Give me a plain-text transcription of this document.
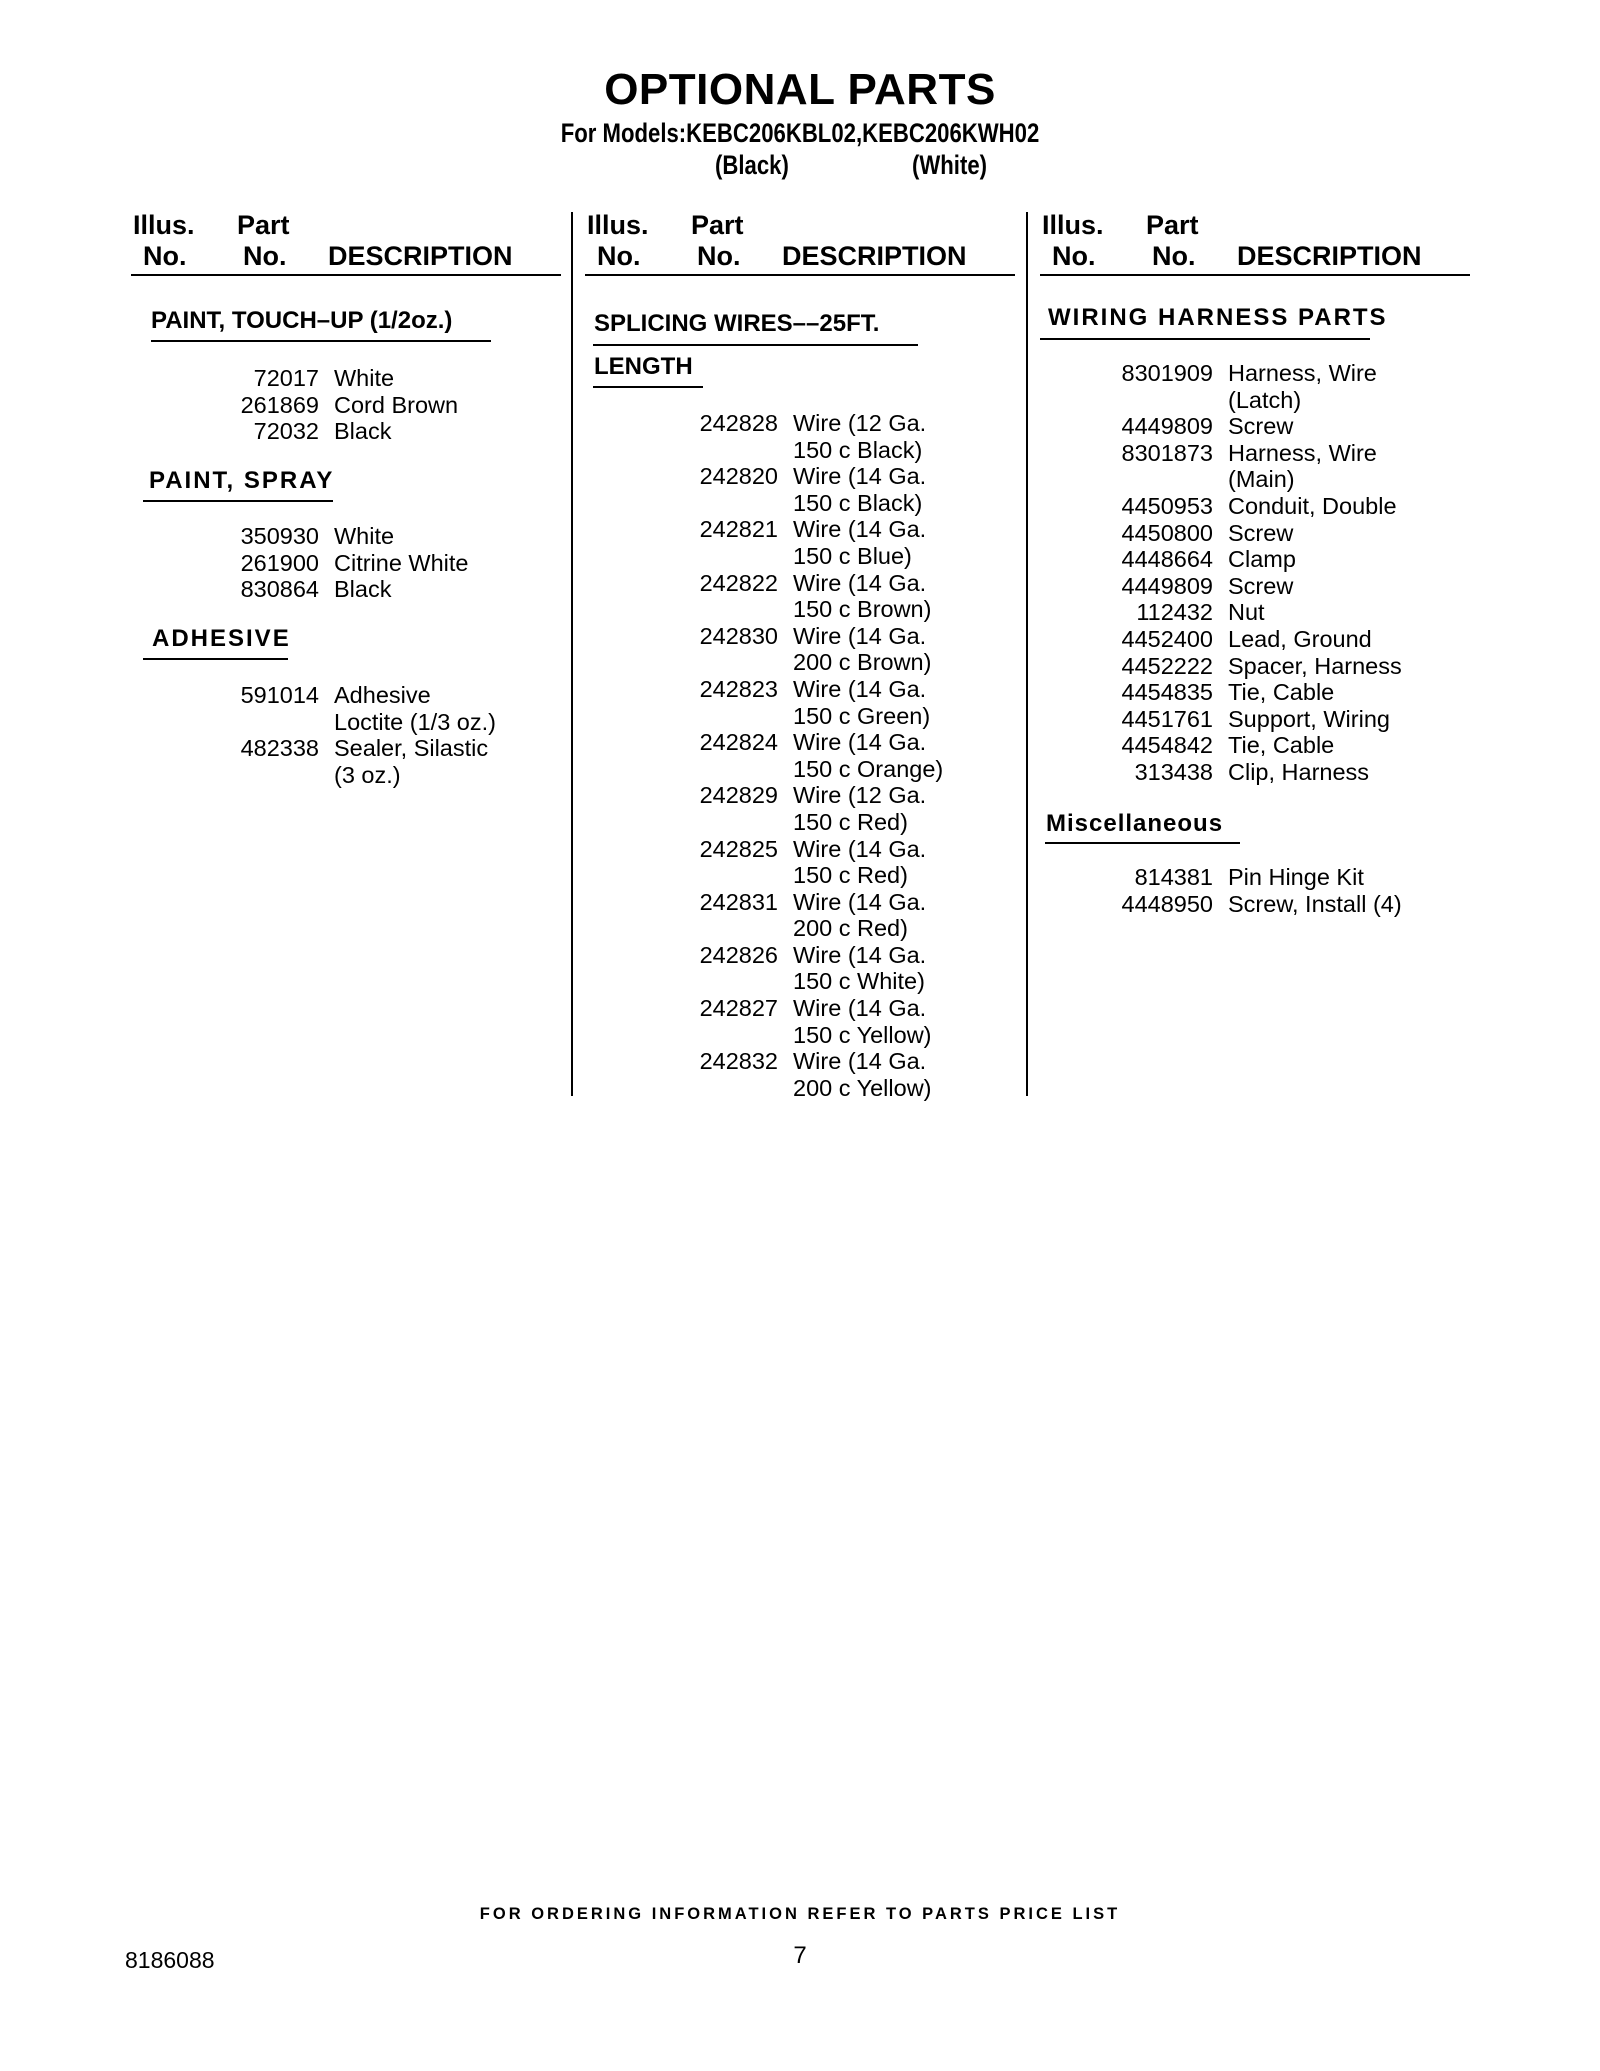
OPTIONAL PARTS
For Models:KEBC206KBL02,KEBC206KWH02
(Black)	(White)
Illus.
No.
Part
No. DESCRIPTION
PAINT, TOUCH–UP (1/2oz.)
72017 White
261869 Cord Brown
72032 Black
PAINT, SPRAY
350930 White
261900 Citrine White
830864 Black
ADHESIVE
591014 Adhesive
Loctite (1/3 oz.)
482338 Sealer, Silastic
(3 oz.)
Illus.
No.
Part
No. DESCRIPTION
SPLICING WIRES––25FT.
LENGTH
242828 Wire (12 Ga.
150 c Black)
242820 Wire (14 Ga.
150 c Black)
242821 Wire (14 Ga.
150 c Blue)
242822 Wire (14 Ga.
150 c Brown)
242830 Wire (14 Ga.
200 c Brown)
242823 Wire (14 Ga.
150 c Green)
242824 Wire (14 Ga.
150 c Orange)
242829 Wire (12 Ga.
150 c Red)
242825 Wire (14 Ga.
150 c Red)
242831 Wire (14 Ga.
200 c Red)
242826 Wire (14 Ga.
150 c White)
242827 Wire (14 Ga.
150 c Yellow)
242832 Wire (14 Ga.
200 c Yellow)
Illus.
No.
Part
No. DESCRIPTION
WIRING HARNESS PARTS
8301909 Harness, Wire
(Latch)
4449809 Screw
8301873 Harness, Wire
(Main)
4450953 Conduit, Double
4450800 Screw
4448664 Clamp
4449809 Screw
112432 Nut
4452400 Lead, Ground
4452222 Spacer, Harness
4454835 Tie, Cable
4451761 Support, Wiring
4454842 Tie, Cable
313438 Clip, Harness
Miscellaneous
814381 Pin Hinge Kit
4448950 Screw, Install (4)
FOR ORDERING INFORMATION REFER TO PARTS PRICE LIST
8186088	7
